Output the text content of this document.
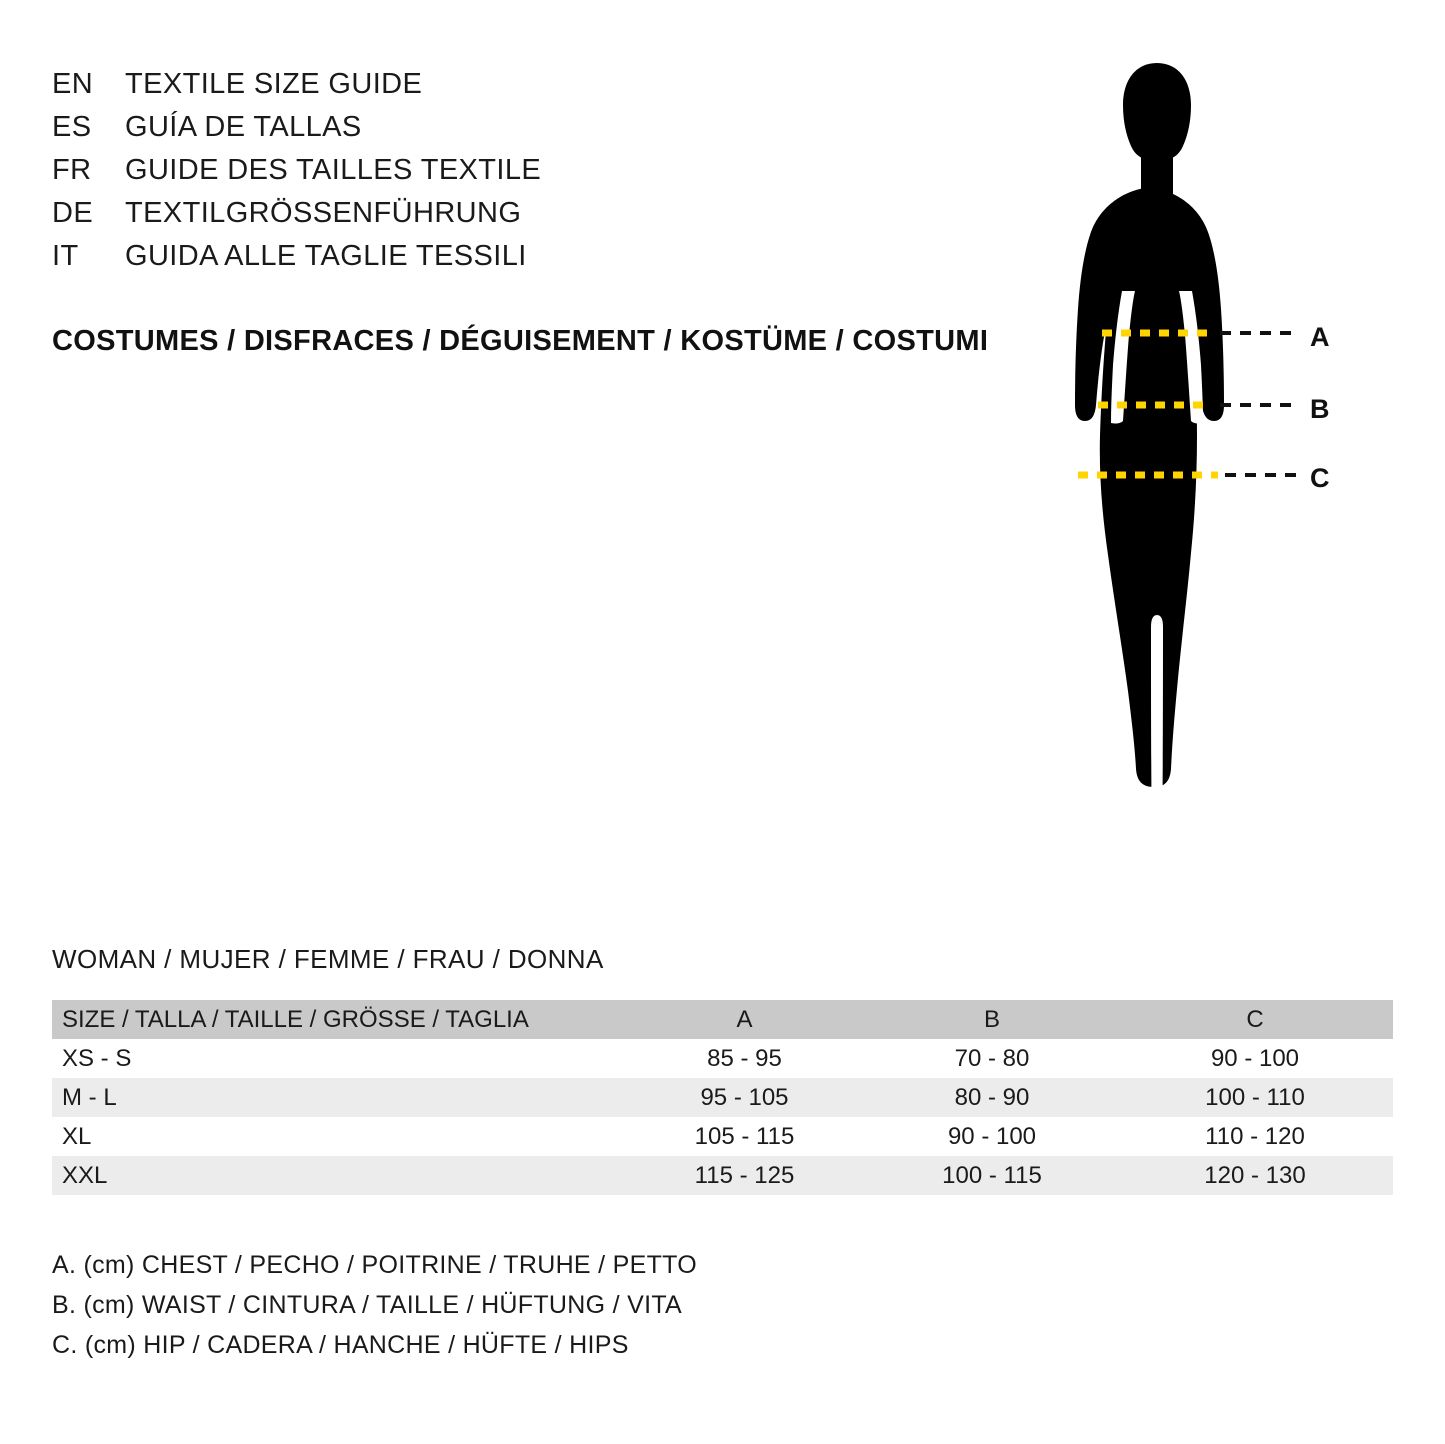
EN	TEXTILE SIZE GUIDE
ES	GUÍA DE TALLAS
FR	GUIDE DES TAILLES TEXTILE
DE	TEXTILGRÖSSENFÜHRUNG
IT	GUIDA ALLE TAGLIE TESSILI
COSTUMES / DISFRACES / DÉGUISEMENT / KOSTÜME / COSTUMI	A
B
C
WOMAN / MUJER / FEMME / FRAU / DONNA
SIZE / TALLA / TAILLE / GRÖSSE / TAGLIA	A	B	C
XS - S	85 - 95	70 - 80	90 - 100
M - L	95 - 105	80 - 90	100 - 110
XL	105 - 115	90 - 100	110 - 120
XXL	115 - 125	100 - 115	120 - 130
A. (cm) CHEST / PECHO / POITRINE / TRUHE / PETTO
B. (cm) WAIST / CINTURA / TAILLE / HÜFTUNG / VITA
C. (cm) HIP / CADERA / HANCHE / HÜFTE / HIPS
